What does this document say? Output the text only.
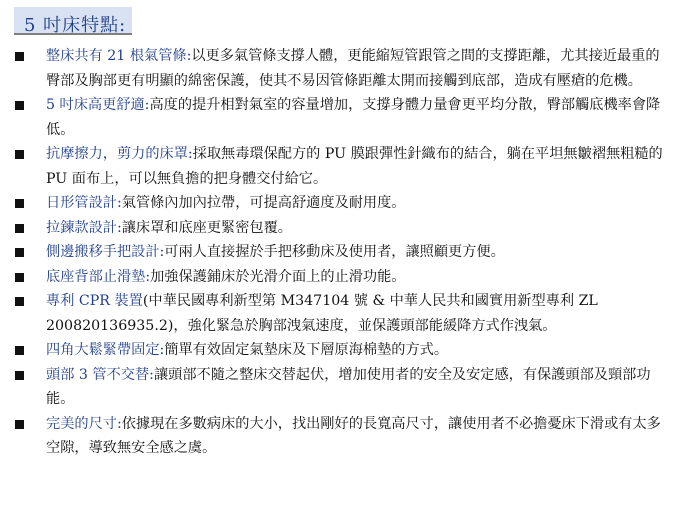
5 吋床特點:
整床共有 21 根氣管條:以更多氣管條支撐人體，更能縮短管跟管之間的支撐距離，尤其接近最重的臀部及胸部更有明顯的綿密保護，使其不易因管條距離太開而接觸到底部，造成有壓瘡的危機。
5 吋床高更舒適:高度的提升相對氣室的容量增加，支撐身體力量會更平均分散，臀部觸底機率會降低。
抗摩擦力，剪力的床罩:採取無毒環保配方的 PU 膜跟彈性針織布的結合，躺在平坦無皺褶無粗糙的 PU 面布上，可以無負擔的把身體交付給它。
日形管設計:氣管條內加內拉帶，可提高舒適度及耐用度。
拉鍊款設計:讓床罩和底座更緊密包覆。
側邊搬移手把設計:可兩人直接握於手把移動床及使用者，讓照顧更方便。
底座背部止滑墊:加強保護鋪床於光滑介面上的止滑功能。
專利 CPR 裝置(中華民國專利新型第 M347104 號 & 中華人民共和國實用新型專利 ZL 200820136935.2)，強化緊急於胸部洩氣速度，並保護頭部能緩降方式作洩氣。
四角大鬆緊帶固定:簡單有效固定氣墊床及下層原海棉墊的方式。
頭部 3 管不交替:讓頭部不隨之整床交替起伏，增加使用者的安全及安定感，有保護頭部及頸部功能。
完美的尺寸:依據現在多數病床的大小，找出剛好的長寬高尺寸，讓使用者不必擔憂床下滑或有太多空隙，導致無安全感之虞。
